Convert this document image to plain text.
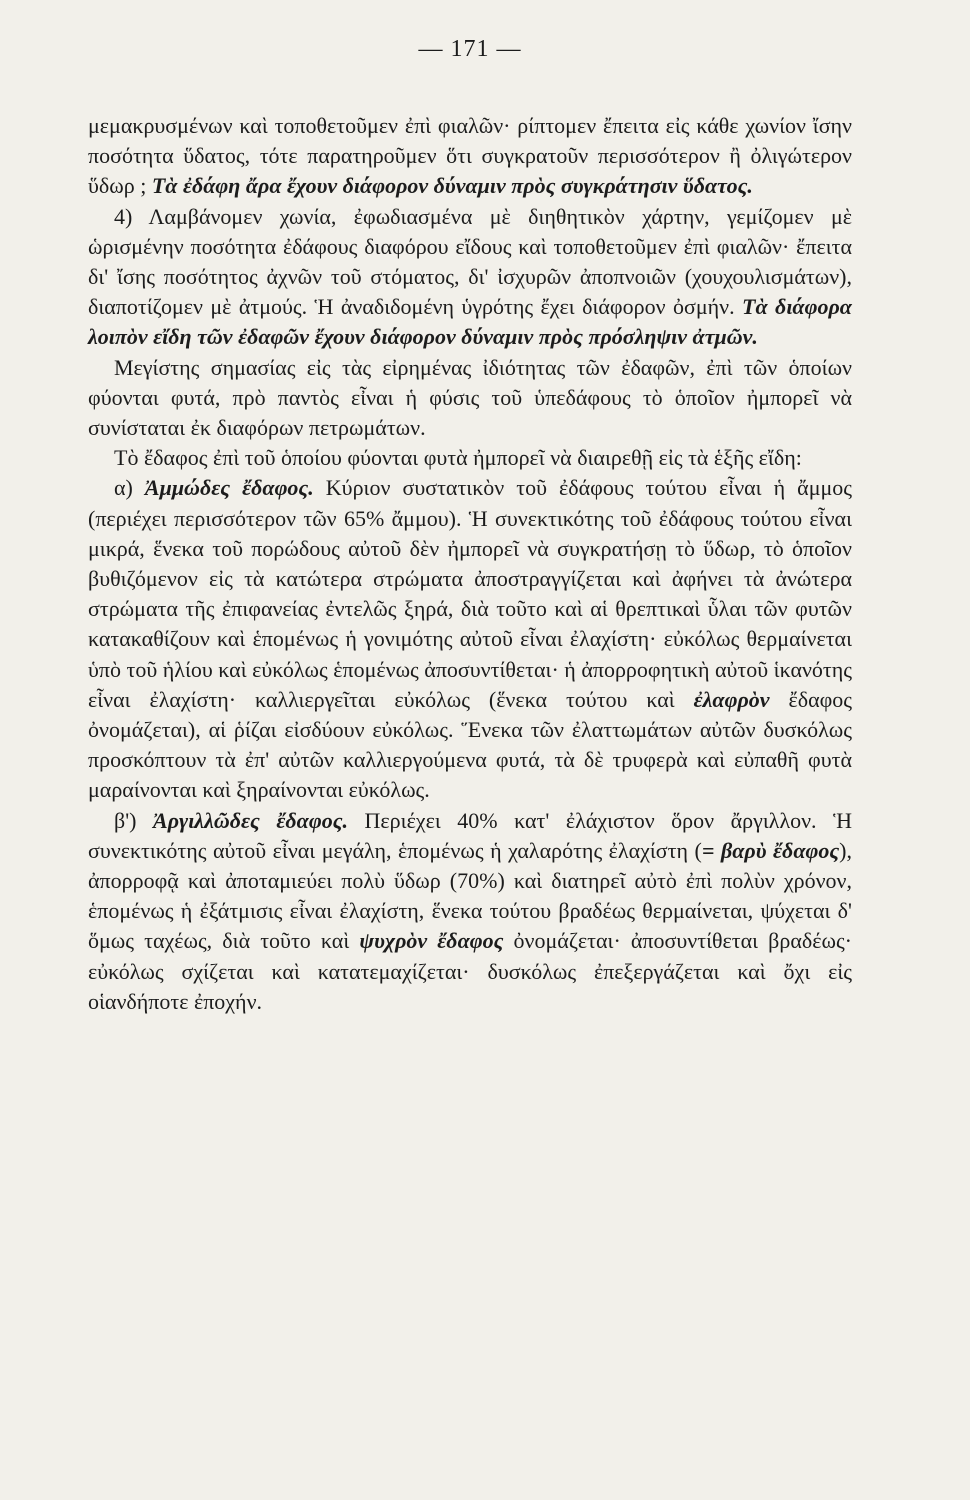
— 171 —

μεμακρυσμένων καὶ τοποθετοῦμεν ἐπὶ φιαλῶν· ρίπτομεν ἔπειτα εἰς κάθε χωνίον ἴσην ποσότητα ὕδατος, τότε παρατηροῦμεν ὅτι συγκρατοῦν περισσότερον ἢ ὀλιγώτερον ὕδωρ ; Τὰ ἐδάφη ἄρα ἔχουν διάφορον δύναμιν πρὸς συγκράτησιν ὕδατος.

4) Λαμβάνομεν χωνία, ἐφωδιασμένα μὲ διηθητικὸν χάρτην, γεμίζομεν μὲ ὡρισμένην ποσότητα ἐδάφους διαφόρου εἴδους καὶ τοποθετοῦμεν ἐπὶ φιαλῶν· ἔπειτα δι' ἴσης ποσότητος ἀχνῶν τοῦ στόματος, δι' ἰσχυρῶν ἀποπνοιῶν (χουχουλισμάτων), διαποτίζομεν μὲ ἀτμούς. Ἡ ἀναδιδομένη ὑγρότης ἔχει διάφορον ὀσμήν. Τὰ διάφορα λοιπὸν εἴδη τῶν ἐδαφῶν ἔχουν διάφορον δύναμιν πρὸς πρόσληψιν ἀτμῶν.

Μεγίστης σημασίας εἰς τὰς εἰρημένας ἰδιότητας τῶν ἐδαφῶν, ἐπὶ τῶν ὁποίων φύονται φυτά, πρὸ παντὸς εἶναι ἡ φύσις τοῦ ὑπεδάφους τὸ ὁποῖον ἠμπορεῖ νὰ συνίσταται ἐκ διαφόρων πετρωμάτων.

Τὸ ἔδαφος ἐπὶ τοῦ ὁποίου φύονται φυτὰ ἠμπορεῖ νὰ διαιρεθῇ εἰς τὰ ἑξῆς εἴδη:

α) Ἀμμώδες ἔδαφος. Κύριον συστατικὸν τοῦ ἐδάφους τούτου εἶναι ἡ ἄμμος (περιέχει περισσότερον τῶν 65% ἄμμου). Ἡ συνεκτικότης τοῦ ἐδάφους τούτου εἶναι μικρά, ἕνεκα τοῦ πορώδους αὐτοῦ δὲν ἠμπορεῖ νὰ συγκρατήσῃ τὸ ὕδωρ, τὸ ὁποῖον βυθιζόμενον εἰς τὰ κατώτερα στρώματα ἀποστραγγίζεται καὶ ἀφήνει τὰ ἀνώτερα στρώματα τῆς ἐπιφανείας ἐντελῶς ξηρά, διὰ τοῦτο καὶ αἱ θρεπτικαὶ ὗλαι τῶν φυτῶν κατακαθίζουν καὶ ἑπομένως ἡ γονιμότης αὐτοῦ εἶναι ἐλαχίστη· εὐκόλως θερμαίνεται ὑπὸ τοῦ ἡλίου καὶ εὐκόλως ἑπομένως ἀποσυντίθεται· ἡ ἀπορροφητικὴ αὐτοῦ ἱκανότης εἶναι ἐλαχίστη· καλλιεργεῖται εὐκόλως (ἕνεκα τούτου καὶ ἐλαφρὸν ἔδαφος ὀνομάζεται), αἱ ῥίζαι εἰσδύουν εὐκόλως. Ἕνεκα τῶν ἐλαττωμάτων αὐτῶν δυσκόλως προσκόπτουν τὰ ἐπ' αὐτῶν καλλιεργούμενα φυτά, τὰ δὲ τρυφερὰ καὶ εὐπαθῆ φυτὰ μαραίνονται καὶ ξηραίνονται εὐκόλως.

β') Ἀργιλλῶδες ἔδαφος. Περιέχει 40% κατ' ἐλάχιστον ὅρον ἄργιλλον. Ἡ συνεκτικότης αὐτοῦ εἶναι μεγάλη, ἑπομένως ἡ χαλαρότης ἐλαχίστη (= βαρὺ ἔδαφος), ἀπορροφᾷ καὶ ἀποταμιεύει πολὺ ὕδωρ (70%) καὶ διατηρεῖ αὐτὸ ἐπὶ πολὺν χρόνον, ἑπομένως ἡ ἐξάτμισις εἶναι ἐλαχίστη, ἕνεκα τούτου βραδέως θερμαίνεται, ψύχεται δ' ὅμως ταχέως, διὰ τοῦτο καὶ ψυχρὸν ἔδαφος ὀνομάζεται· ἀποσυντίθεται βραδέως· εὐκόλως σχίζεται καὶ κατατεμαχίζεται· δυσκόλως ἐπεξεργάζεται καὶ ὄχι εἰς οἱανδήποτε ἐποχήν.
